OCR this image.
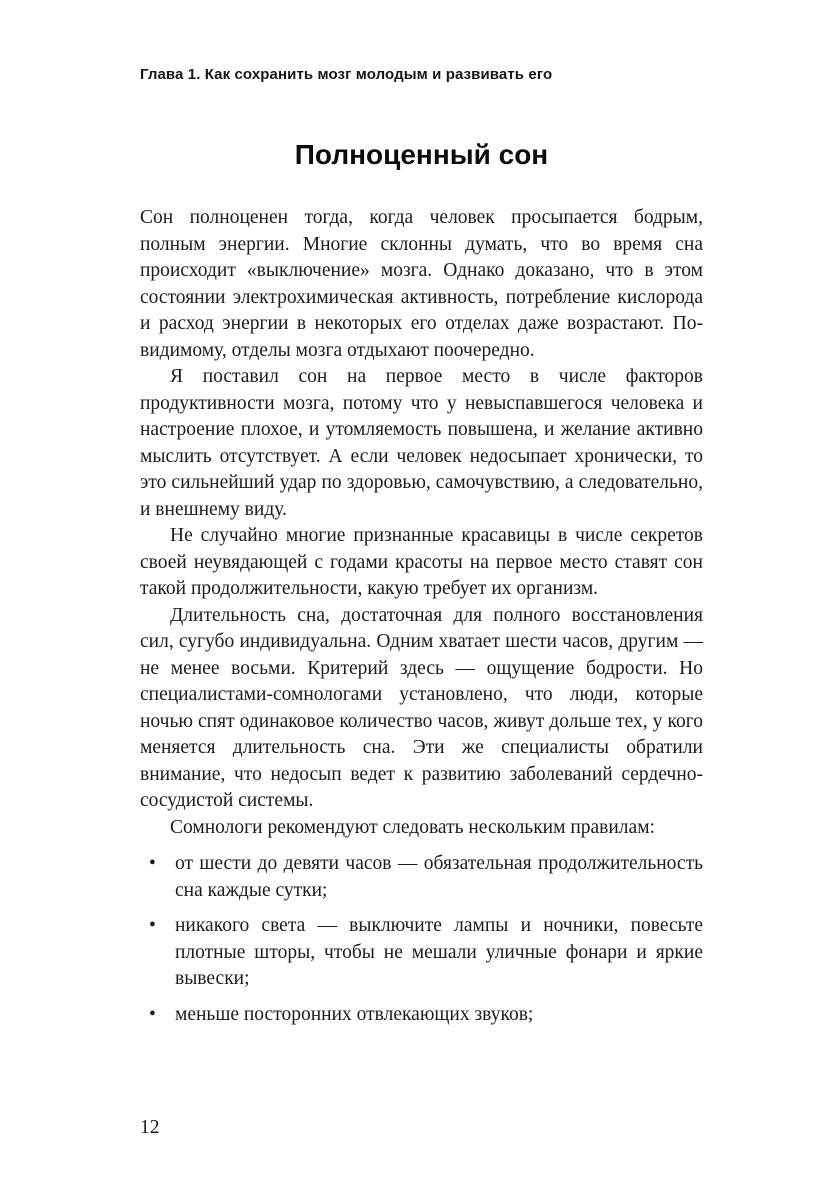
Глава 1. Как сохранить мозг молодым и развивать его
Полноценный сон

Сон полноценен тогда, когда человек просыпается бодрым, полным энергии. Многие склонны думать, что во время сна происходит «выключение» мозга. Однако доказано, что в этом состоянии электрохимическая активность, потребление кислорода и расход энергии в некоторых его отделах даже возрастают. По-видимому, отделы мозга отдыхают поочередно.

Я поставил сон на первое место в числе факторов продуктивности мозга, потому что у невыспавшегося человека и настроение плохое, и утомляемость повышена, и желание активно мыслить отсутствует. А если человек недосыпает хронически, то это сильнейший удар по здоровью, самочувствию, а следовательно, и внешнему виду.

Не случайно многие признанные красавицы в числе секретов своей неувядающей с годами красоты на первое место ставят сон такой продолжительности, какую требует их организм.

Длительность сна, достаточная для полного восстановления сил, сугубо индивидуальна. Одним хватает шести часов, другим — не менее восьми. Критерий здесь — ощущение бодрости. Но специалистами-сомнологами установлено, что люди, которые ночью спят одинаковое количество часов, живут дольше тех, у кого меняется длительность сна. Эти же специалисты обратили внимание, что недосып ведет к развитию заболеваний сердечно-сосудистой системы.

Сомнологи рекомендуют следовать нескольким правилам:

• от шести до девяти часов — обязательная продолжительность сна каждые сутки;
• никакого света — выключите лампы и ночники, повесьте плотные шторы, чтобы не мешали уличные фонари и яркие вывески;
• меньше посторонних отвлекающих звуков;
12
